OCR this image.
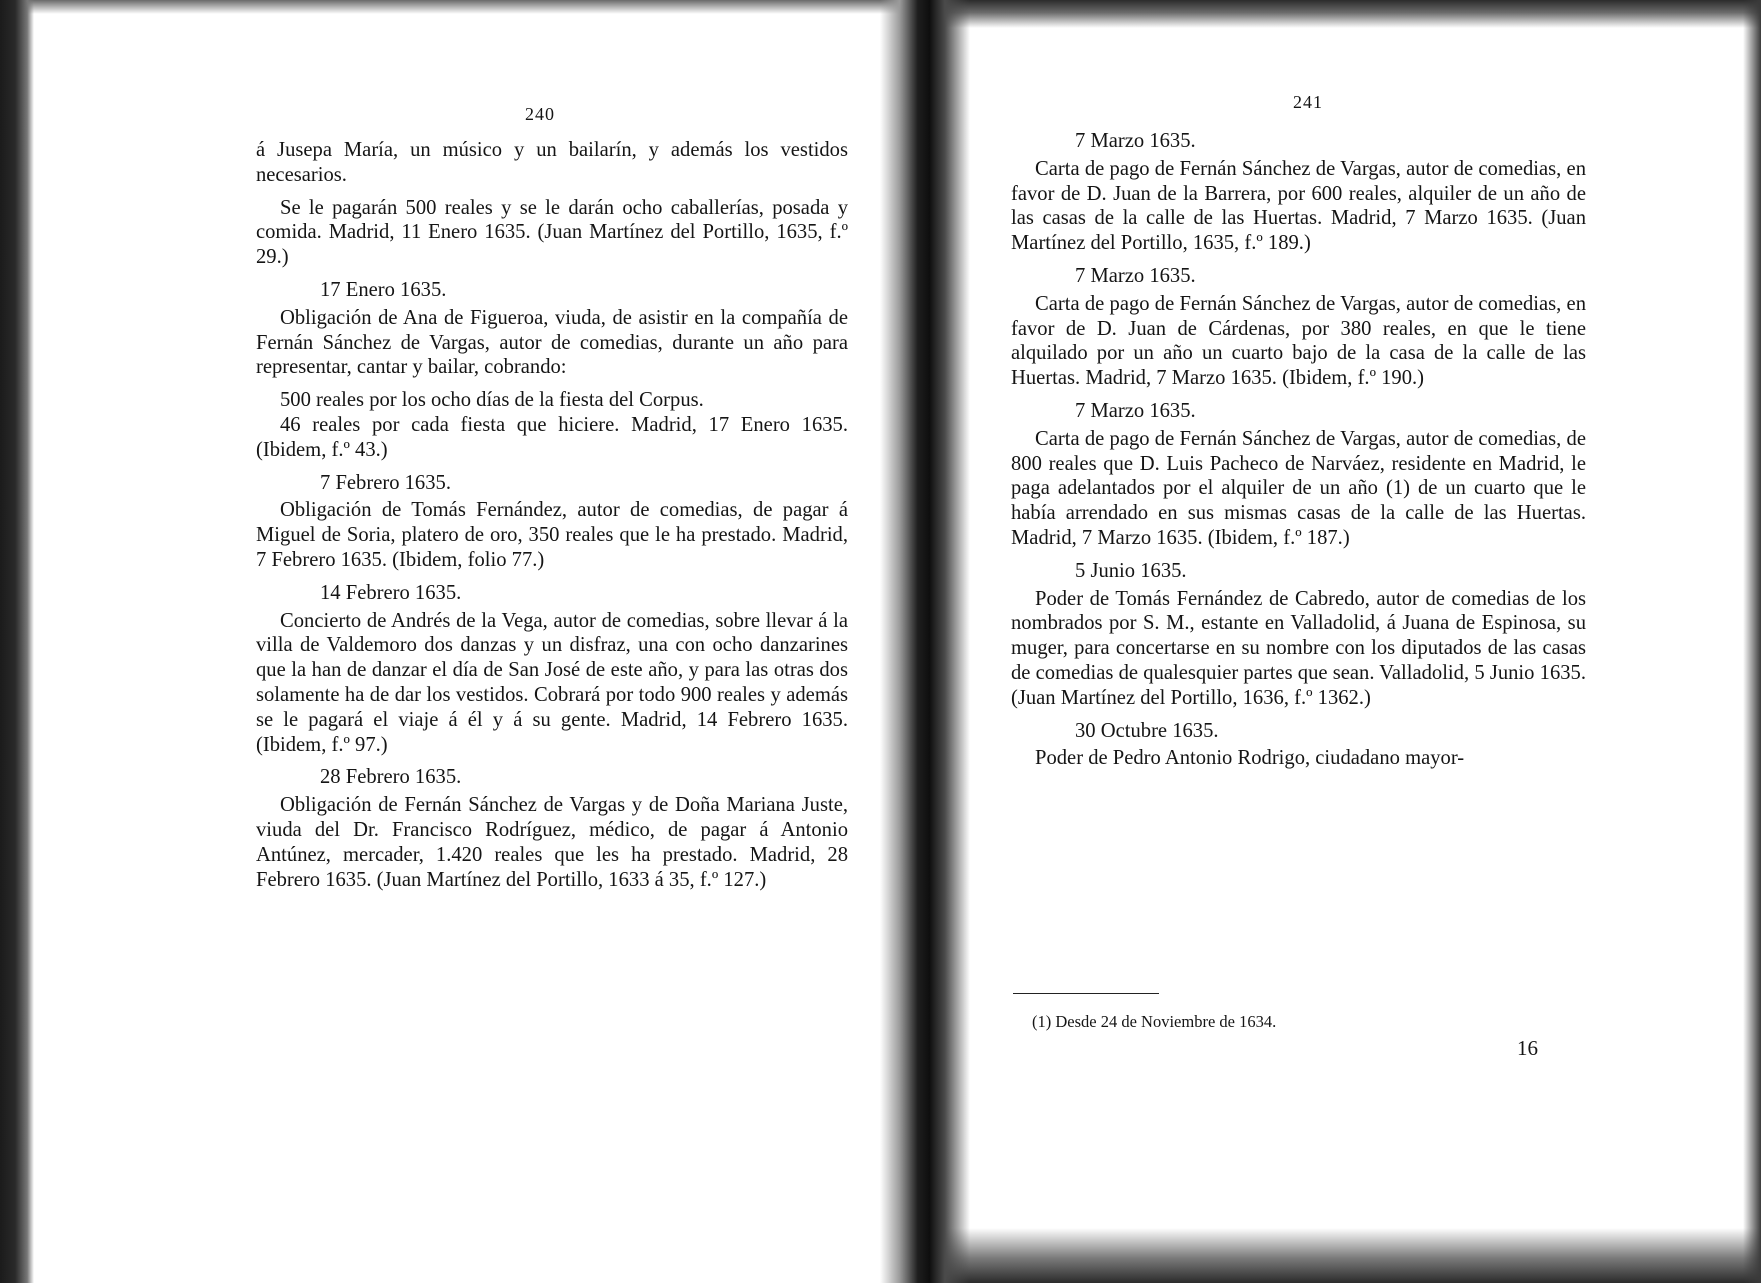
240
241

á Jusepa María, un músico y un bailarín, y además los vestidos necesarios.

Se le pagarán 500 reales y se le darán ocho caballerías, posada y comida. Madrid, 11 Enero 1635. (Juan Martínez del Portillo, 1635, f.º 29.)

17 Enero 1635.

Obligación de Ana de Figueroa, viuda, de asistir en la compañía de Fernán Sánchez de Vargas, autor de comedias, durante un año para representar, cantar y bailar, cobrando:

500 reales por los ocho días de la fiesta del Corpus.

46 reales por cada fiesta que hiciere. Madrid, 17 Enero 1635. (Ibidem, f.º 43.)

7 Febrero 1635.

Obligación de Tomás Fernández, autor de comedias, de pagar á Miguel de Soria, platero de oro, 350 reales que le ha prestado. Madrid, 7 Febrero 1635. (Ibidem, folio 77.)

14 Febrero 1635.

Concierto de Andrés de la Vega, autor de comedias, sobre llevar á la villa de Valdemoro dos danzas y un disfraz, una con ocho danzarines que la han de danzar el día de San José de este año, y para las otras dos solamente ha de dar los vestidos. Cobrará por todo 900 reales y además se le pagará el viaje á él y á su gente. Madrid, 14 Febrero 1635. (Ibidem, f.º 97.)

28 Febrero 1635.

Obligación de Fernán Sánchez de Vargas y de Doña Mariana Juste, viuda del Dr. Francisco Rodríguez, médico, de pagar á Antonio Antúnez, mercader, 1.420 reales que les ha prestado. Madrid, 28 Febrero 1635. (Juan Martínez del Portillo, 1633 á 35, f.º 127.)

7 Marzo 1635.

Carta de pago de Fernán Sánchez de Vargas, autor de comedias, en favor de D. Juan de la Barrera, por 600 reales, alquiler de un año de las casas de la calle de las Huertas. Madrid, 7 Marzo 1635. (Juan Martínez del Portillo, 1635, f.º 189.)

7 Marzo 1635.

Carta de pago de Fernán Sánchez de Vargas, autor de comedias, en favor de D. Juan de Cárdenas, por 380 reales, en que le tiene alquilado por un año un cuarto bajo de la casa de la calle de las Huertas. Madrid, 7 Marzo 1635. (Ibidem, f.º 190.)

7 Marzo 1635.

Carta de pago de Fernán Sánchez de Vargas, autor de comedias, de 800 reales que D. Luis Pacheco de Narváez, residente en Madrid, le paga adelantados por el alquiler de un año (1) de un cuarto que le había arrendado en sus mismas casas de la calle de las Huertas. Madrid, 7 Marzo 1635. (Ibidem, f.º 187.)

5 Junio 1635.

Poder de Tomás Fernández de Cabredo, autor de comedias de los nombrados por S. M., estante en Valladolid, á Juana de Espinosa, su muger, para concertarse en su nombre con los diputados de las casas de comedias de qualesquier partes que sean. Valladolid, 5 Junio 1635. (Juan Martínez del Portillo, 1636, f.º 1362.)

30 Octubre 1635.

Poder de Pedro Antonio Rodrigo, ciudadano mayor-

(1) Desde 24 de Noviembre de 1634.
16
